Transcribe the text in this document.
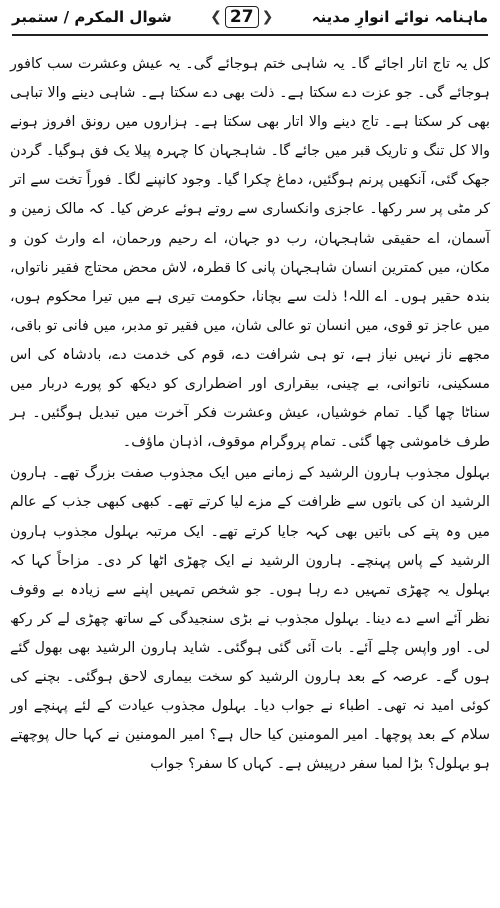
ماہنامہ نوائے انوارِ مدینہ
❮ 27 ❯
شوال المکرم / ستمبر

کل یہ تاج اتار اجائے گا۔ یہ شاہی ختم ہوجائے گی۔ یہ عیش وعشرت سب کافور ہوجائے گی۔ جو عزت دے سکتا ہے۔ ذلت بھی دے سکتا ہے۔ شاہی دینے والا تباہی بھی کر سکتا ہے۔ تاج دینے والا اتار بھی سکتا ہے۔ ہزاروں میں رونق افروز ہونے والا کل تنگ و تاریک قبر میں جائے گا۔ شاہجہان کا چہرہ پیلا یک فق ہوگیا۔ گردن جھک گئی، آنکھیں پرنم ہوگئیں، دماغ چکرا گیا۔ وجود کانپنے لگا۔ فوراً تخت سے اتر کر مٹی پر سر رکھا۔ عاجزی وانکساری سے روتے ہوئے عرض کیا۔ کہ مالک زمین و آسمان، اے حقیقی شاہجہان، رب دو جہان، اے رحیم ورحمان، اے وارث کون و مکان، میں کمترین انسان شاہجہان پانی کا قطرہ، لاش محض محتاج فقیر ناتواں، بندہ حقیر ہوں۔ اے اللہ! ذلت سے بچانا، حکومت تیری ہے میں تیرا محکوم ہوں، میں عاجز تو قوی، میں انسان تو عالی شان، میں فقیر تو مدبر، میں فانی تو باقی، مجھے ناز نہیں نیاز ہے، تو ہی شرافت دے، قوم کی خدمت دے، بادشاہ کی اس مسکینی، ناتوانی، بے چینی، بیقراری اور اضطراری کو دیکھ کو پورے دربار میں سناٹا چھا گیا۔ تمام خوشیاں، عیش وعشرت فکر آخرت میں تبدیل ہوگئیں۔ ہر طرف خاموشی چھا گئی۔ تمام پروگرام موقوف، اذہان ماؤف۔

بہلول مجذوب ہارون الرشید کے زمانے میں ایک مجذوب صفت بزرگ تھے۔ ہارون الرشید ان کی باتوں سے ظرافت کے مزے لیا کرتے تھے۔ کبھی کبھی جذب کے عالم میں وہ پتے کی باتیں بھی کہہ جایا کرتے تھے۔ ایک مرتبہ بہلول مجذوب ہارون الرشید کے پاس پہنچے۔ ہارون الرشید نے ایک چھڑی اٹھا کر دی۔ مزاحاً کہا کہ بہلول یہ چھڑی تمہیں دے رہا ہوں۔ جو شخص تمہیں اپنے سے زیادہ بے وقوف نظر آئے اسے دے دینا۔ بہلول مجذوب نے بڑی سنجیدگی کے ساتھ چھڑی لے کر رکھ لی۔ اور واپس چلے آئے۔ بات آئی گئی ہوگئی۔ شاید ہارون الرشید بھی بھول گئے ہوں گے۔ عرصہ کے بعد ہارون الرشید کو سخت بیماری لاحق ہوگئی۔ بچنے کی کوئی امید نہ تھی۔ اطباء نے جواب دیا۔ بہلول مجذوب عیادت کے لئے پہنچے اور سلام کے بعد پوچھا۔ امیر المومنین کیا حال ہے؟ امیر المومنین نے کہا حال پوچھتے ہو بہلول؟ بڑا لمبا سفر درپیش ہے۔ کہاں کا سفر؟ جواب
